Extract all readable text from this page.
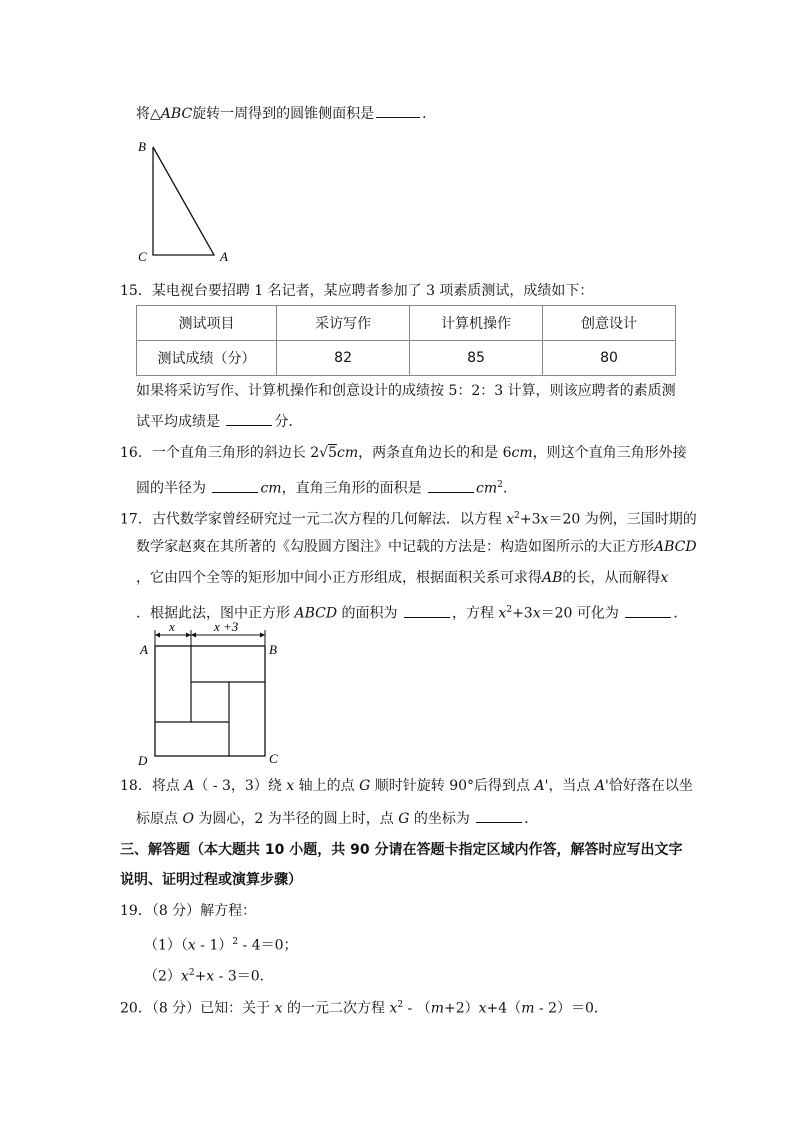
将△ABC旋转一周得到的圆锥侧面积是	．
B
C	A
15．某电视台要招聘 1 名记者，某应聘者参加了 3 项素质测试，成绩如下：
测试项目	采访写作	计算机操作	创意设计
测试成绩（分）	82	85	80
如果将采访写作、计算机操作和创意设计的成绩按 5：2：3 计算，则该应聘者的素质测
试平均成绩是	分．
16．一个直角三角形的斜边长 2√5cm，两条直角边长的和是 6cm，则这个直角三角形外接
圆的半径为	cm，直角三角形的面积是	$cm^2$.
17．古代数学家曾经研究过一元二次方程的几何解法．以方程 $x^2+3x=20$ 为例，三国时期的
数学家赵爽在其所著的《勾股圆方图注》中记载的方法是：构造如图所示的大正方形ABCD
，它由四个全等的矩形加中间小正方形组成，根据面积关系可求得AB的长，从而解得x
．根据此法，图中正方形 ABCD 的面积为	，方程 $x^2+3x=20$ 可化为	．
x	x +3
A	B
C
D
18．将点 A（ - 3，3）绕 x 轴上的点 G 顺时针旋转 90°后得到点 A'，当点 A'恰好落在以坐
标原点 O 为圆心，2 为半径的圆上时，点 G 的坐标为	．
三、解答题（本大题共 10 小题，共 90 分请在答题卡指定区域内作答，解答时应写出文字
说明、证明过程或演算步骤）
19．（8 分）解方程：
（1）（x - 1）$^2$ - 4＝0；
$(2)x^2+x - 3=0$．
20．（8 分）已知：关于 x 的一元二次方程 $x^2 - (m+2)x+4(m - 2)=0$．
